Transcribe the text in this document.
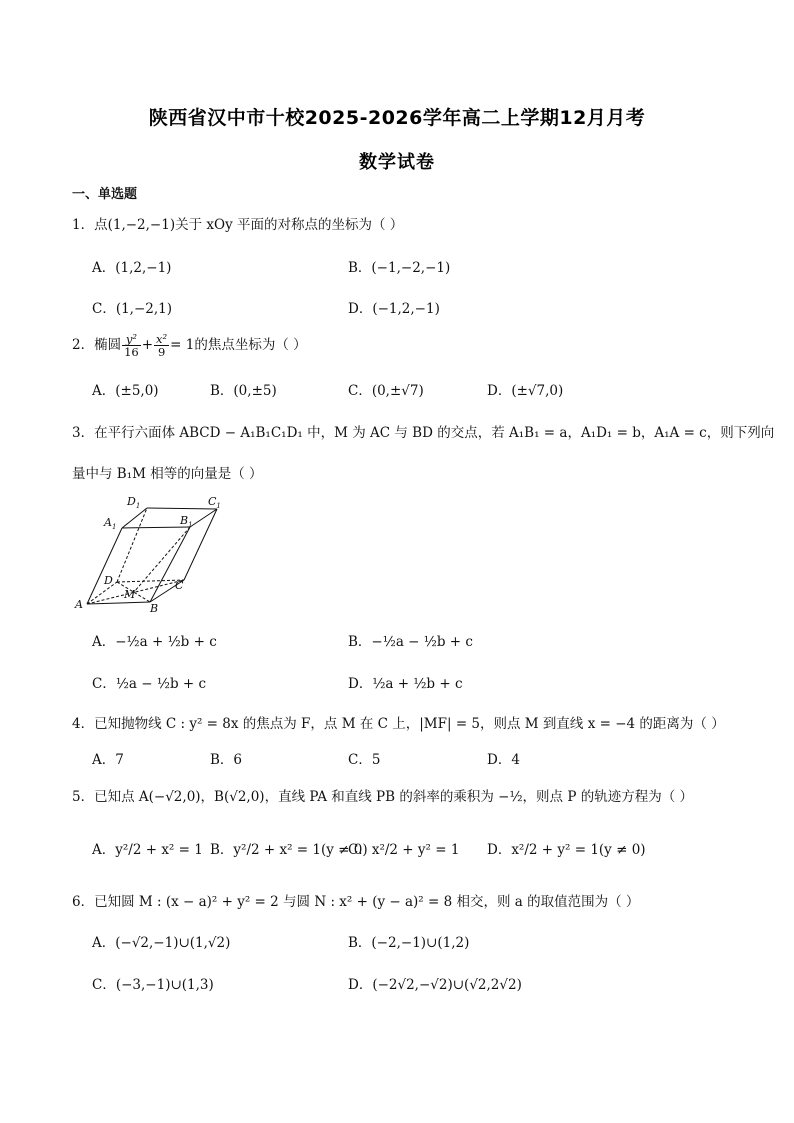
陕西省汉中市十校2025-2026学年高二上学期12月月考
数学试卷
一、单选题
1．点(1,−2,−1)关于 xOy 平面的对称点的坐标为（ ）
A．(1,2,−1)	B．(−1,−2,−1)
C．(1,−2,1)	D．(−1,2,−1)
2．椭圆 $\frac{\text{y²}}{16} + \frac{\text{x²}}{9} = 1$的焦点坐标为（ ）
A．(±5,0)	B．(0,±5)	C．(0,±√7)	D．(±√7,0)
3．在平行六面体 ABCD − A₁B₁C₁D₁ 中，M 为 AC 与 BD 的交点，若 A₁B₁ = a，A₁D₁ = b，A₁A = c，则下列向
量中与 B₁M 相等的向量是（ ）
$D_1$	$C_1$
$A_1$	$B_1$
D	C
A
M
B
A．−½a + ½b + c	B．−½a − ½b + c
C．½a − ½b + c	D．½a + ½b + c
4．已知抛物线 C : y² = 8x 的焦点为 F，点 M 在 C 上，|MF| = 5，则点 M 到直线 x = −4 的距离为（ ）
A．7	B．6	C．5	D．4
5．已知点 A(−√2,0)，B(√2,0)，直线 PA 和直线 PB 的斜率的乘积为 −½，则点 P 的轨迹方程为（ ）
A．y²/2 + x² = 1 B．y²/2 + x² = 1(y ≠ 0)
C．x²/2 + y² = 1 D．x²/2 + y² = 1(y ≠ 0)
6．已知圆 M : (x − a)² + y² = 2 与圆 N : x² + (y − a)² = 8 相交，则 a 的取值范围为（ ）
A．(−√2,−1)∪(1,√2)	B．(−2,−1)∪(1,2)
C．(−3,−1)∪(1,3)	D．(−2√2,−√2)∪(√2,2√2)
